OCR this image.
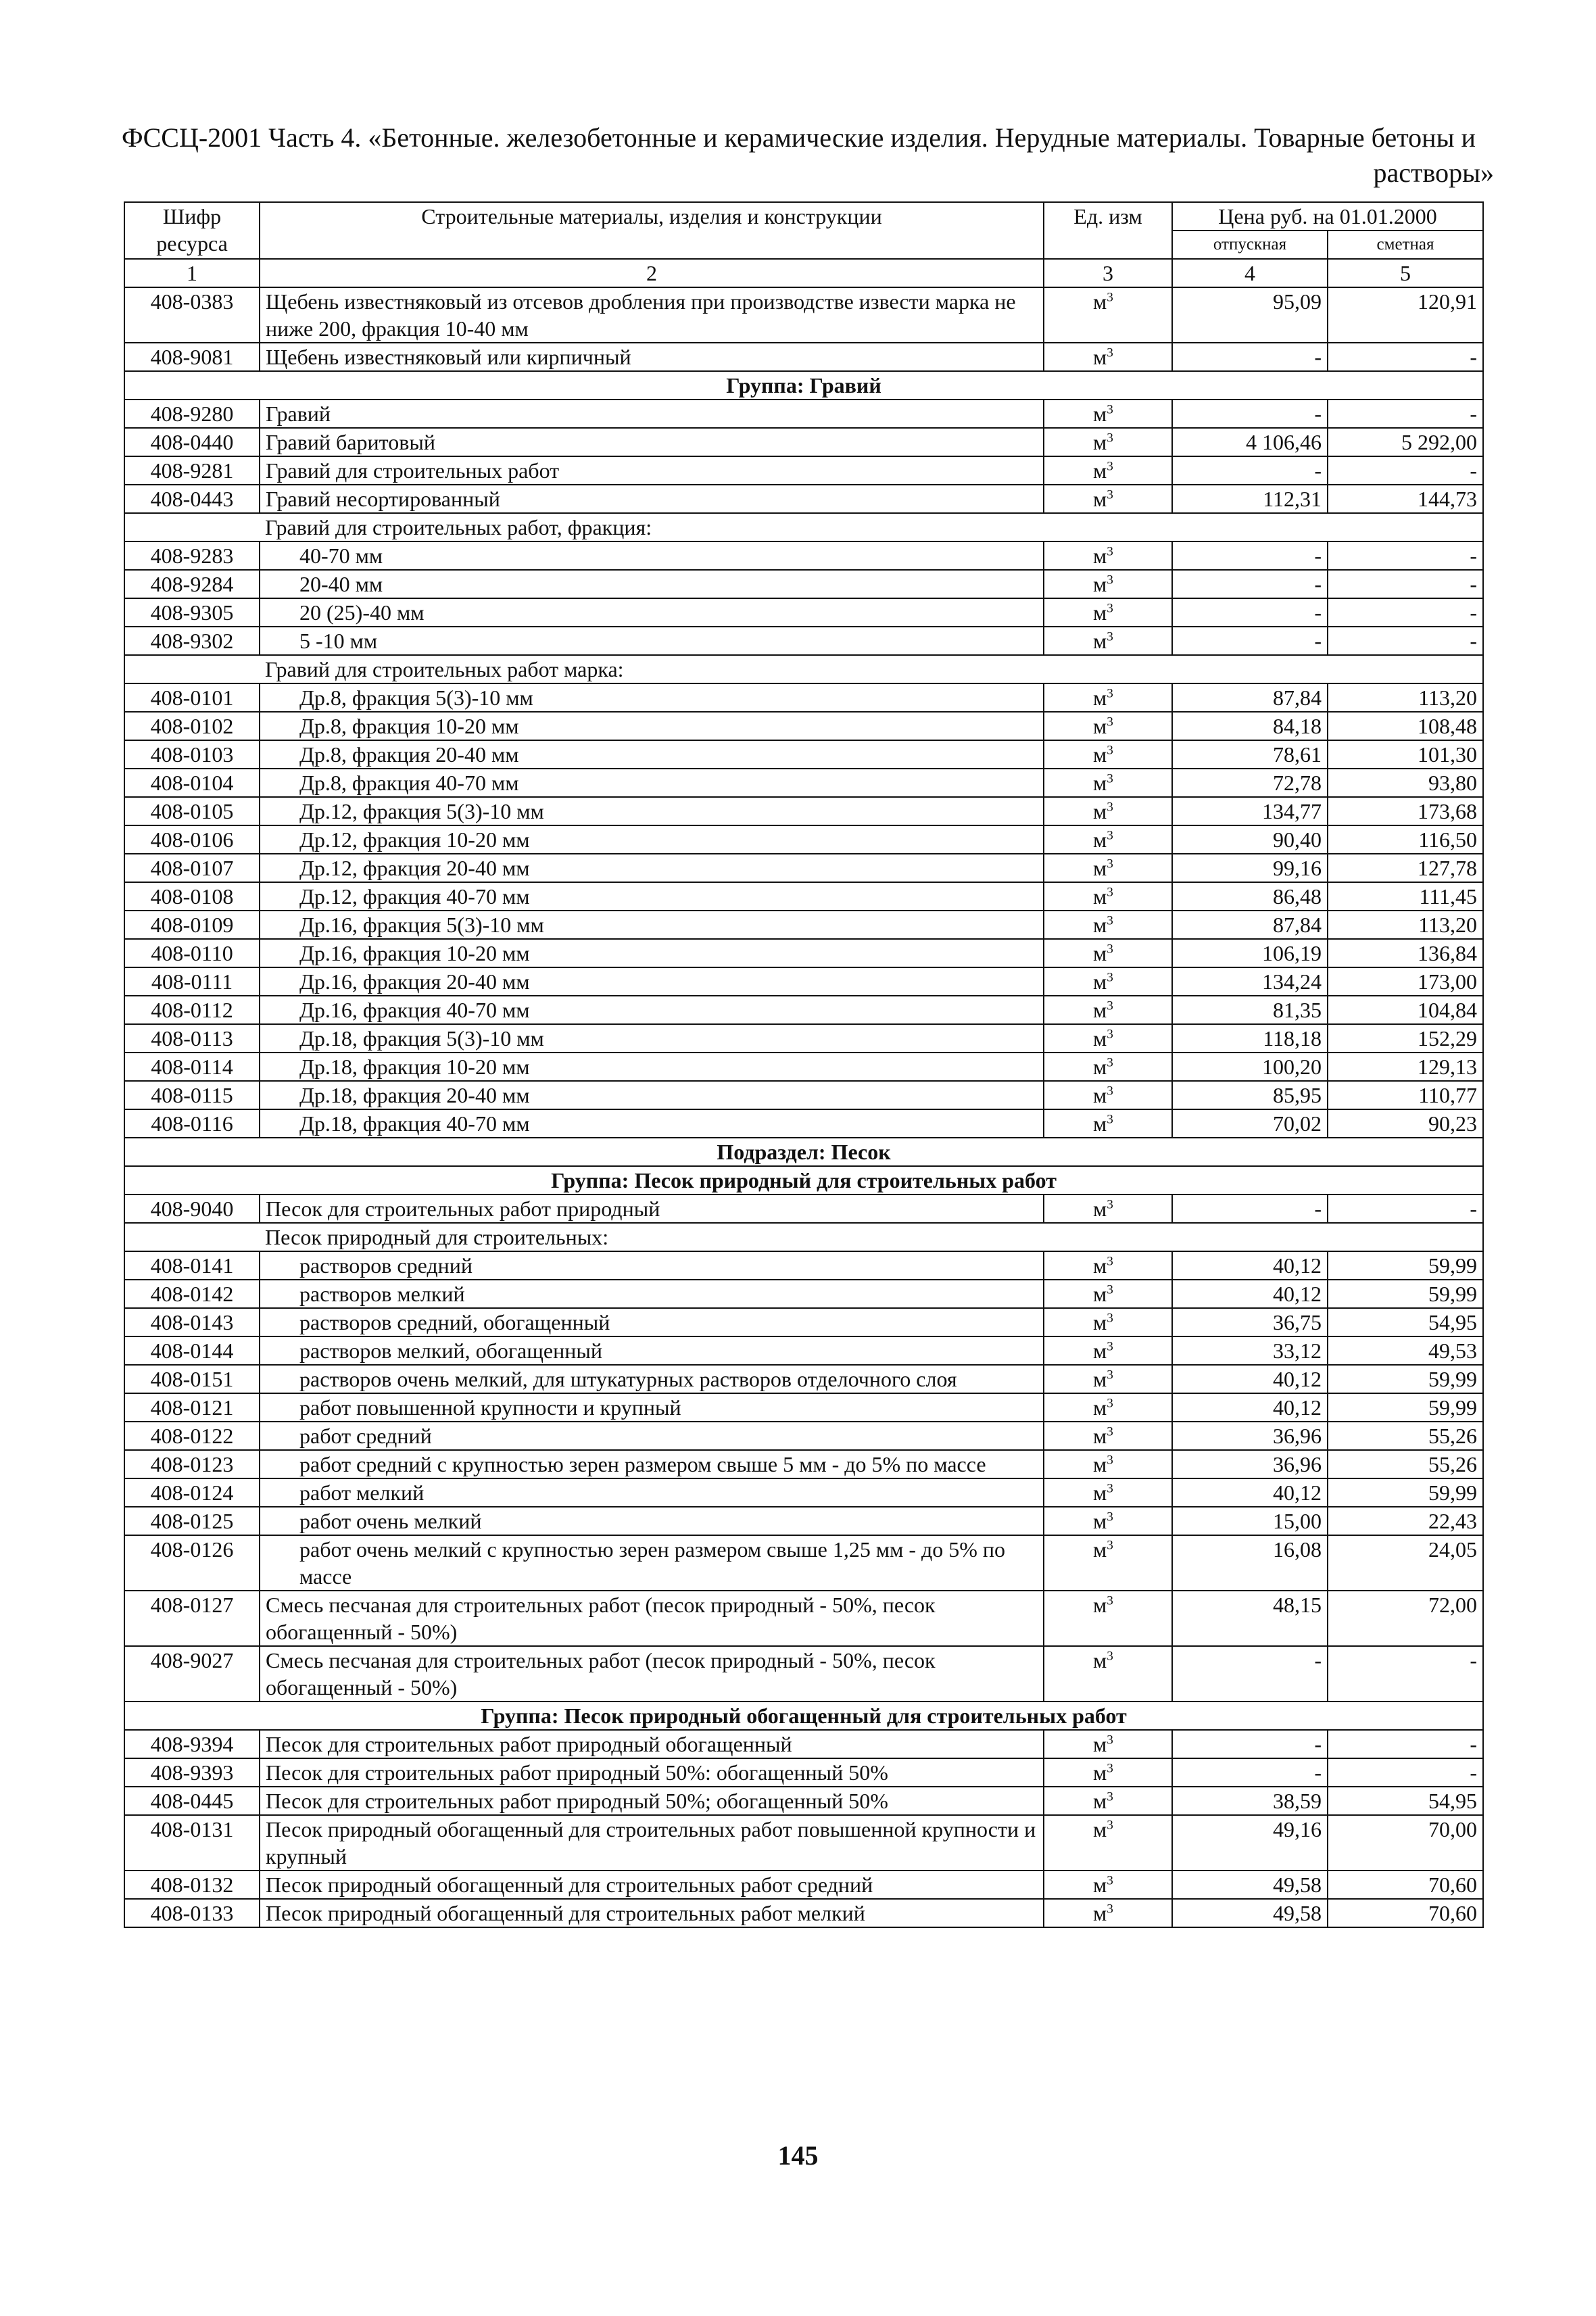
ФССЦ-2001 Часть 4. «Бетонные. железобетонные и керамические изделия. Нерудные материалы. Товарные бетоны и
растворы»
Шифр ресурса	Строительные материалы, изделия и конструкции	Ед. изм	Цена руб. на 01.01.2000	
			отпускная	сметная
1	2	3	4	5
408-0383	Щебень известняковый из отсевов дробления при производстве извести марка не ниже 200, фракция 10-40 мм	$м^3$	95,09	120,91
408-9081	Щебень известняковый или кирпичный	$м^3$	-	-
Группа: Гравий				
408-9280	Гравий	$м^3$	-	-
408-0440	Гравий баритовый	$м^3$	4 106,46	5 292,00
408-9281	Гравий для строительных работ	$м^3$	-	-
408-0443	Гравий несортированный	$м^3$	112,31	144,73
	Гравий для строительных работ, фракция:			
408-9283	40-70 мм	$м^3$	-	-
408-9284	20-40 мм	$м^3$	-	-
408-9305	20 (25)-40 мм	$м^3$	-	-
408-9302	5 -10 мм	$м^3$	-	-
	Гравий для строительных работ марка:			
408-0101	Др.8, фракция 5(3)-10 мм	$м^3$	87,84	113,20
408-0102	Др.8, фракция 10-20 мм	$м^3$	84,18	108,48
408-0103	Др.8, фракция 20-40 мм	$м^3$	78,61	101,30
408-0104	Др.8, фракция 40-70 мм	$м^3$	72,78	93,80
408-0105	Др.12, фракция 5(3)-10 мм	$м^3$	134,77	173,68
408-0106	Др.12, фракция 10-20 мм	$м^3$	90,40	116,50
408-0107	Др.12, фракция 20-40 мм	$м^3$	99,16	127,78
408-0108	Др.12, фракция 40-70 мм	$м^3$	86,48	111,45
408-0109	Др.16, фракция 5(3)-10 мм	$м^3$	87,84	113,20
408-0110	Др.16, фракция 10-20 мм	$м^3$	106,19	136,84
408-0111	Др.16, фракция 20-40 мм	$м^3$	134,24	173,00
408-0112	Др.16, фракция 40-70 мм	$м^3$	81,35	104,84
408-0113	Др.18, фракция 5(3)-10 мм	$м^3$	118,18	152,29
408-0114	Др.18, фракция 10-20 мм	$м^3$	100,20	129,13
408-0115	Др.18, фракция 20-40 мм	$м^3$	85,95	110,77
408-0116	Др.18, фракция 40-70 мм	$м^3$	70,02	90,23
Подраздел: Песок				
Группа: Песок природный для строительных работ				
408-9040	Песок для строительных работ природный	$м^3$	-	-
	Песок природный для строительных:			
408-0141	растворов средний	$м^3$	40,12	59,99
408-0142	растворов мелкий	$м^3$	40,12	59,99
408-0143	растворов средний, обогащенный	$м^3$	36,75	54,95
408-0144	растворов мелкий, обогащенный	$м^3$	33,12	49,53
408-0151	растворов очень мелкий, для штукатурных растворов отделочного слоя	$м^3$	40,12	59,99
408-0121	работ повышенной крупности и крупный	$м^3$	40,12	59,99
408-0122	работ средний	$м^3$	36,96	55,26
408-0123	работ средний с крупностью зерен размером свыше 5 мм - до 5% по массе	$м^3$	36,96	55,26
408-0124	работ мелкий	$м^3$	40,12	59,99
408-0125	работ очень мелкий	$м^3$	15,00	22,43
408-0126	работ очень мелкий с крупностью зерен размером свыше 1,25 мм - до 5% по массе	$м^3$	16,08	24,05
408-0127	Смесь песчаная для строительных работ (песок природный - 50%, песок обогащенный - 50%)	$м^3$	48,15	72,00
408-9027	Смесь песчаная для строительных работ (песок природный - 50%, песок обогащенный - 50%)	$м^3$	-	-
Группа: Песок природный обогащенный для строительных работ				
408-9394	Песок для строительных работ природный обогащенный	$м^3$	-	-
408-9393	Песок для строительных работ природный 50%: обогащенный 50%	$м^3$	-	-
408-0445	Песок для строительных работ природный 50%; обогащенный 50%	$м^3$	38,59	54,95
408-0131	Песок природный обогащенный для строительных работ повышенной крупности и крупный	$м^3$	49,16	70,00
408-0132	Песок природный обогащенный для строительных работ средний	$м^3$	49,58	70,60
408-0133	Песок природный обогащенный для строительных работ мелкий	$м^3$	49,58	70,60
145
